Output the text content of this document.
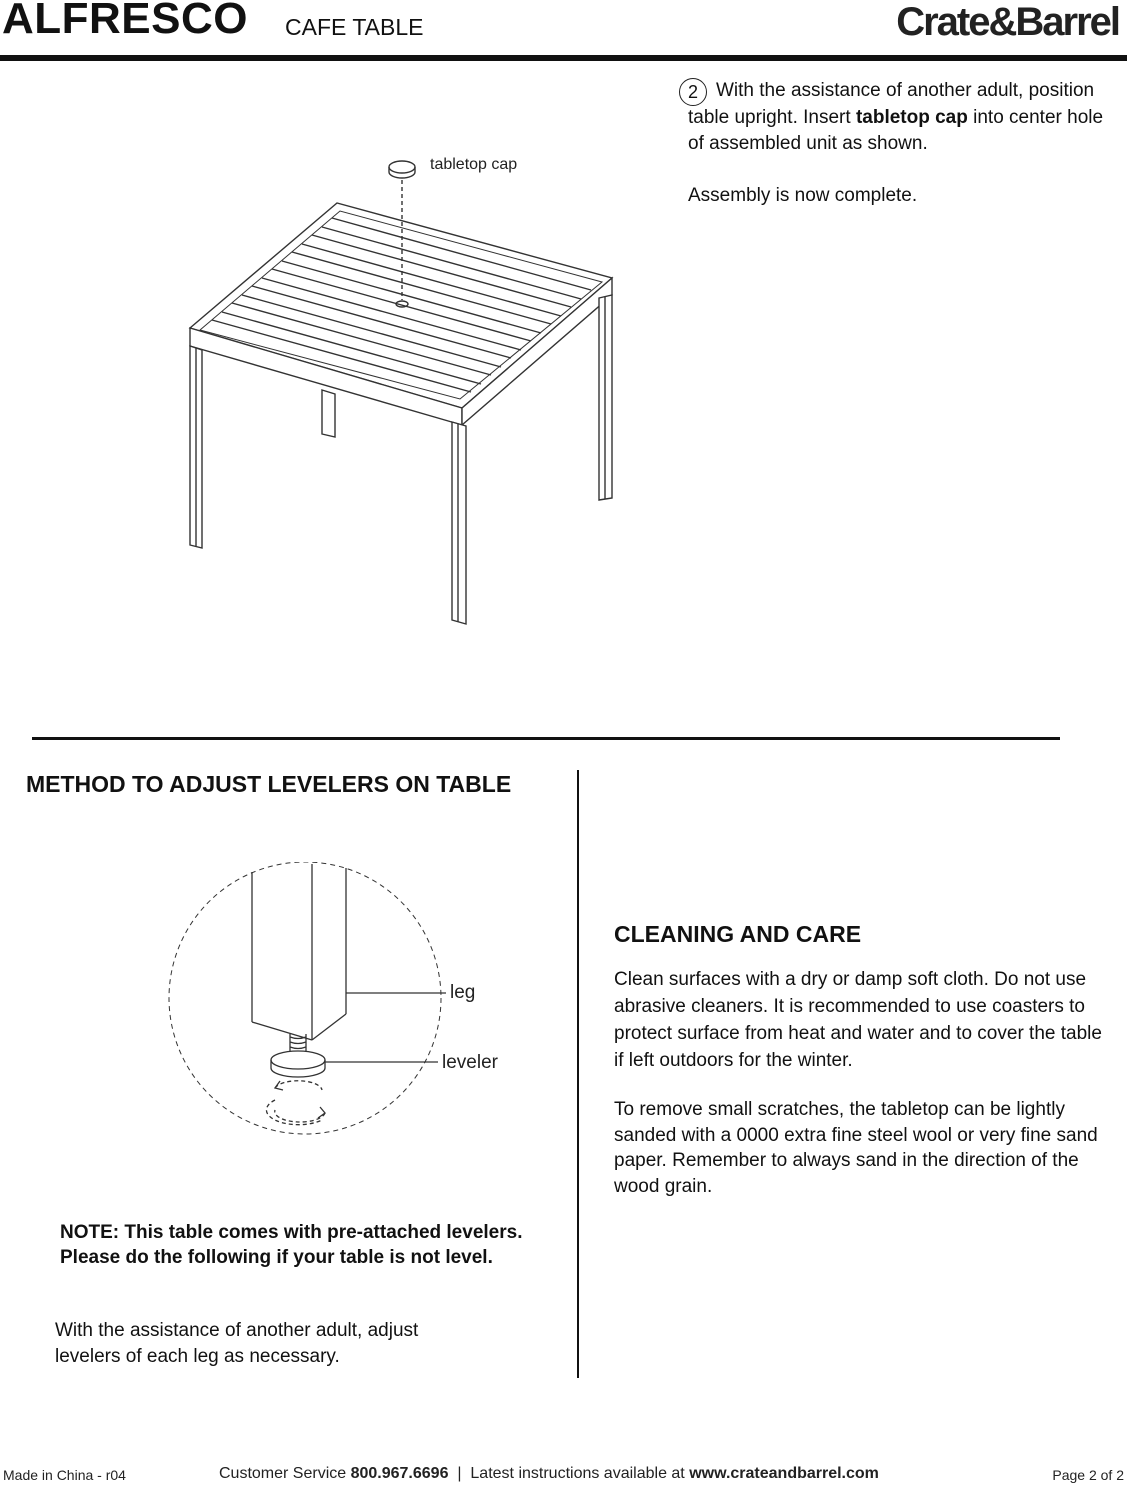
ALFRESCO CAFE TABLE	Crate&Barrel
tabletop cap
2 With the assistance of another adult, position table upright. Insert tabletop cap into center hole of assembled unit as shown.
Assembly is now complete.
METHOD TO ADJUST LEVELERS ON TABLE
leg
leveler
NOTE: This table comes with pre-attached levelers. Please do the following if your table is not level.
With the assistance of another adult, adjust levelers of each leg as necessary.
CLEANING AND CARE
Clean surfaces with a dry or damp soft cloth. Do not use abrasive cleaners. It is recommended to use coasters to protect surface from heat and water and to cover the table if left outdoors for the winter.
To remove small scratches, the tabletop can be lightly sanded with a 0000 extra fine steel wool or very fine sand paper. Remember to always sand in the direction of the wood grain.
Made in China - r04	Customer Service 800.967.6696  |  Latest instructions available at www.crateandbarrel.com	Page 2 of 2
